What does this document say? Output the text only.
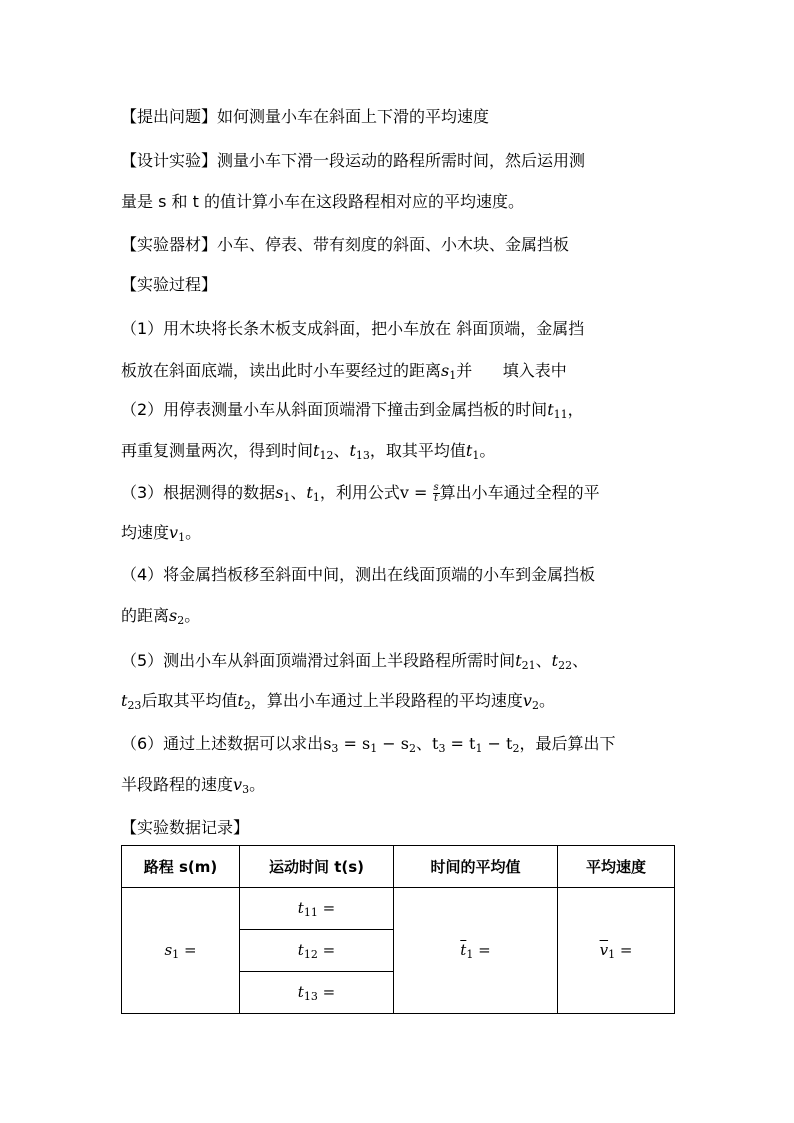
【提出问题】如何测量小车在斜面上下滑的平均速度

【设计实验】测量小车下滑一段运动的路程所需时间，然后运用测

量是 s 和 t 的值计算小车在这段路程相对应的平均速度。

【实验器材】小车、停表、带有刻度的斜面、小木块、金属挡板

【实验过程】

（1）用木块将长条木板支成斜面，把小车放在 斜面顶端，金属挡

板放在斜面底端，读出此时小车要经过的距离$s_1$并 填入表中

（2）用停表测量小车从斜面顶端滑下撞击到金属挡板的时间$t_{11}$，

再重复测量两次，得到时间$t_{12}$、$t_{13}$，取其平均值$t_1$。

（3）根据测得的数据$s_1$、$t_1$，利用公式$v = \frac{s}{t}$ 算出小车通过全程的平

均速度$v_1$。

（4）将金属挡板移至斜面中间，测出在线面顶端的小车到金属挡板

的距离$s_2$。

（5）测出小车从斜面顶端滑过斜面上半段路程所需时间$t_{21}$、$t_{22}$、

$t_{23}$后取其平均值$t_2$，算出小车通过上半段路程的平均速度$v_2$。

（6）通过上述数据可以求出$s_3 = s_1 - s_2$、$t_3 = t_1 - t_2$，最后算出下

半段路程的速度$v_3$。

【实验数据记录】

路程 s(m)	运动时间 t(s)	时间的平均值	平均速度
$s_1$ =	$t_{11}$ =	$\overline{t}_1$ =	$\overline{v}_1$ =
	$t_{12}$ =		
	$t_{13}$ =		
